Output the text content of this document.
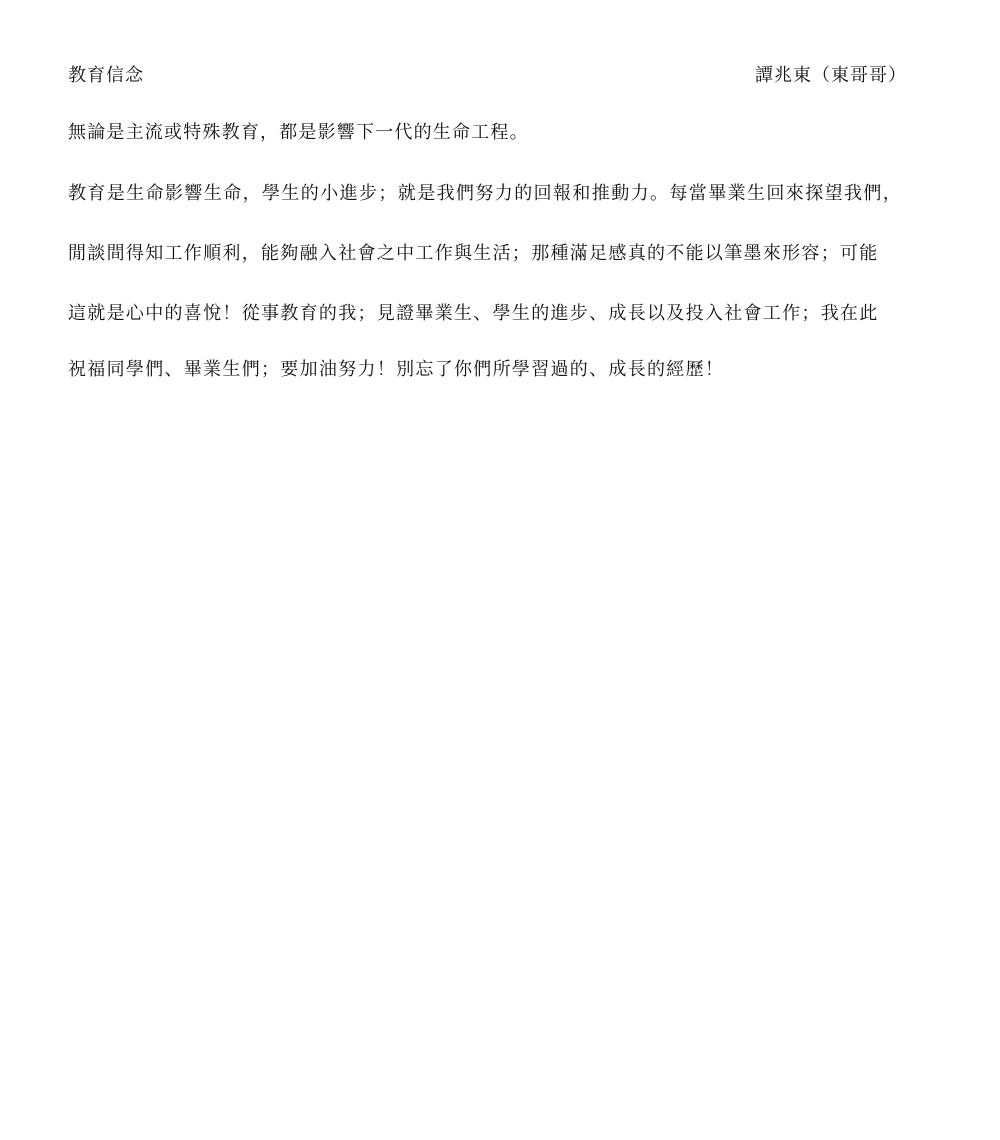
教育信念	譚兆東（東哥哥）
無論是主流或特殊教育，都是影響下一代的生命工程。
教育是生命影響生命，學生的小進步；就是我們努力的回報和推動力。每當畢業生回來探望我們，
閒談間得知工作順利，能夠融入社會之中工作與生活；那種滿足感真的不能以筆墨來形容；可能
這就是心中的喜悅！從事教育的我；見證畢業生、學生的進步、成長以及投入社會工作；我在此
祝福同學們、畢業生們；要加油努力！別忘了你們所學習過的、成長的經歷！
